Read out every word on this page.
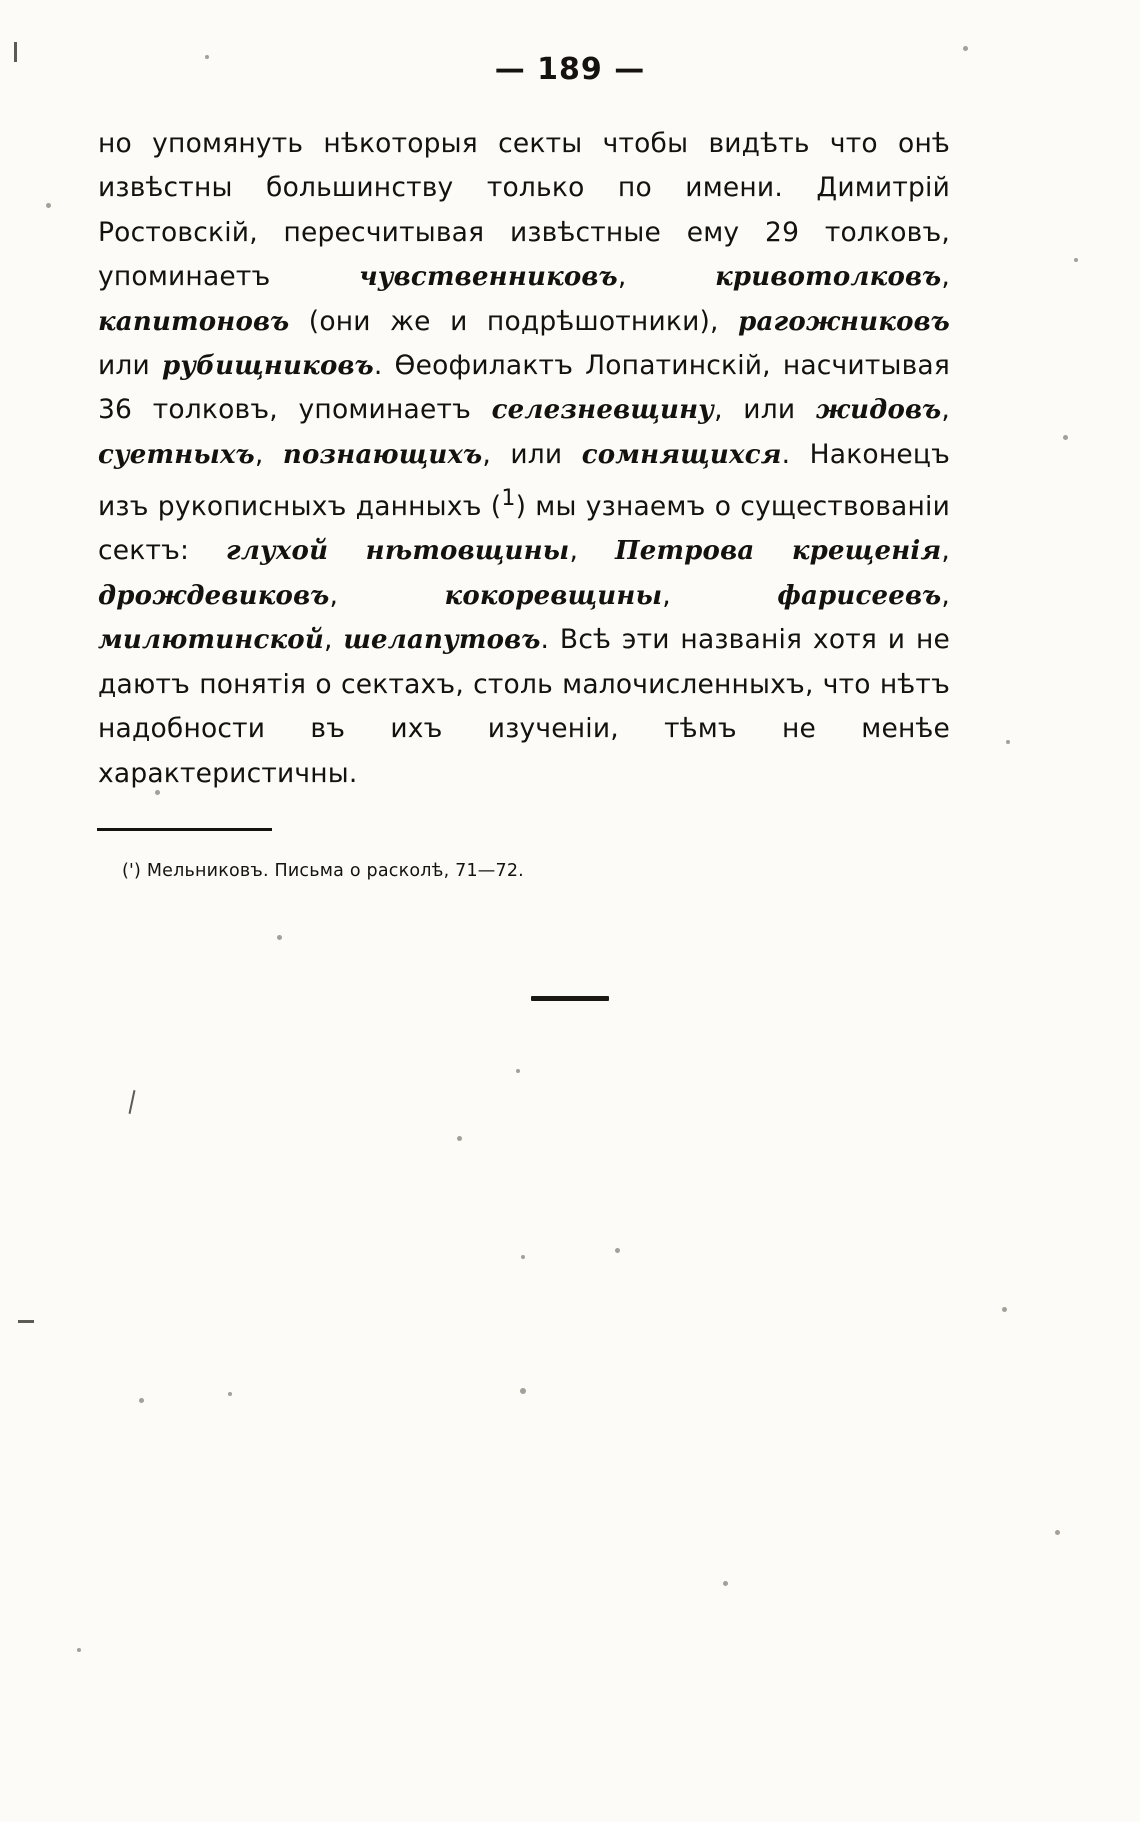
— 189 —

но упомянуть нѣкоторыя секты чтобы видѣть что онѣ извѣстны большинству только по имени. Димитрій Ростовскій, пересчитывая извѣстные ему 29 толковъ, упоминаетъ чувственниковъ, кривотолковъ, капитоновъ (они же и подрѣшотники), рагожниковъ или рубищниковъ. Ѳеофилактъ Лопатинскій, насчитывая 36 толковъ, упоминаетъ селезневщину, или жидовъ, суетныхъ, познающихъ, или сомнящихся. Наконецъ изъ рукописныхъ данныхъ ($^1$) мы узнаемъ о существованіи сектъ: глухой нѣтовщины, Петрова крещенія, дрождевиковъ, кокоревщины, фарисеевъ, милютинской, шелапутовъ. Всѣ эти названія хотя и не даютъ понятія о сектахъ, столь малочисленныхъ, что нѣтъ надобности въ ихъ изученіи, тѣмъ не менѣе характеристичны.

(') Мельниковъ. Письма о расколѣ, 71—72.
